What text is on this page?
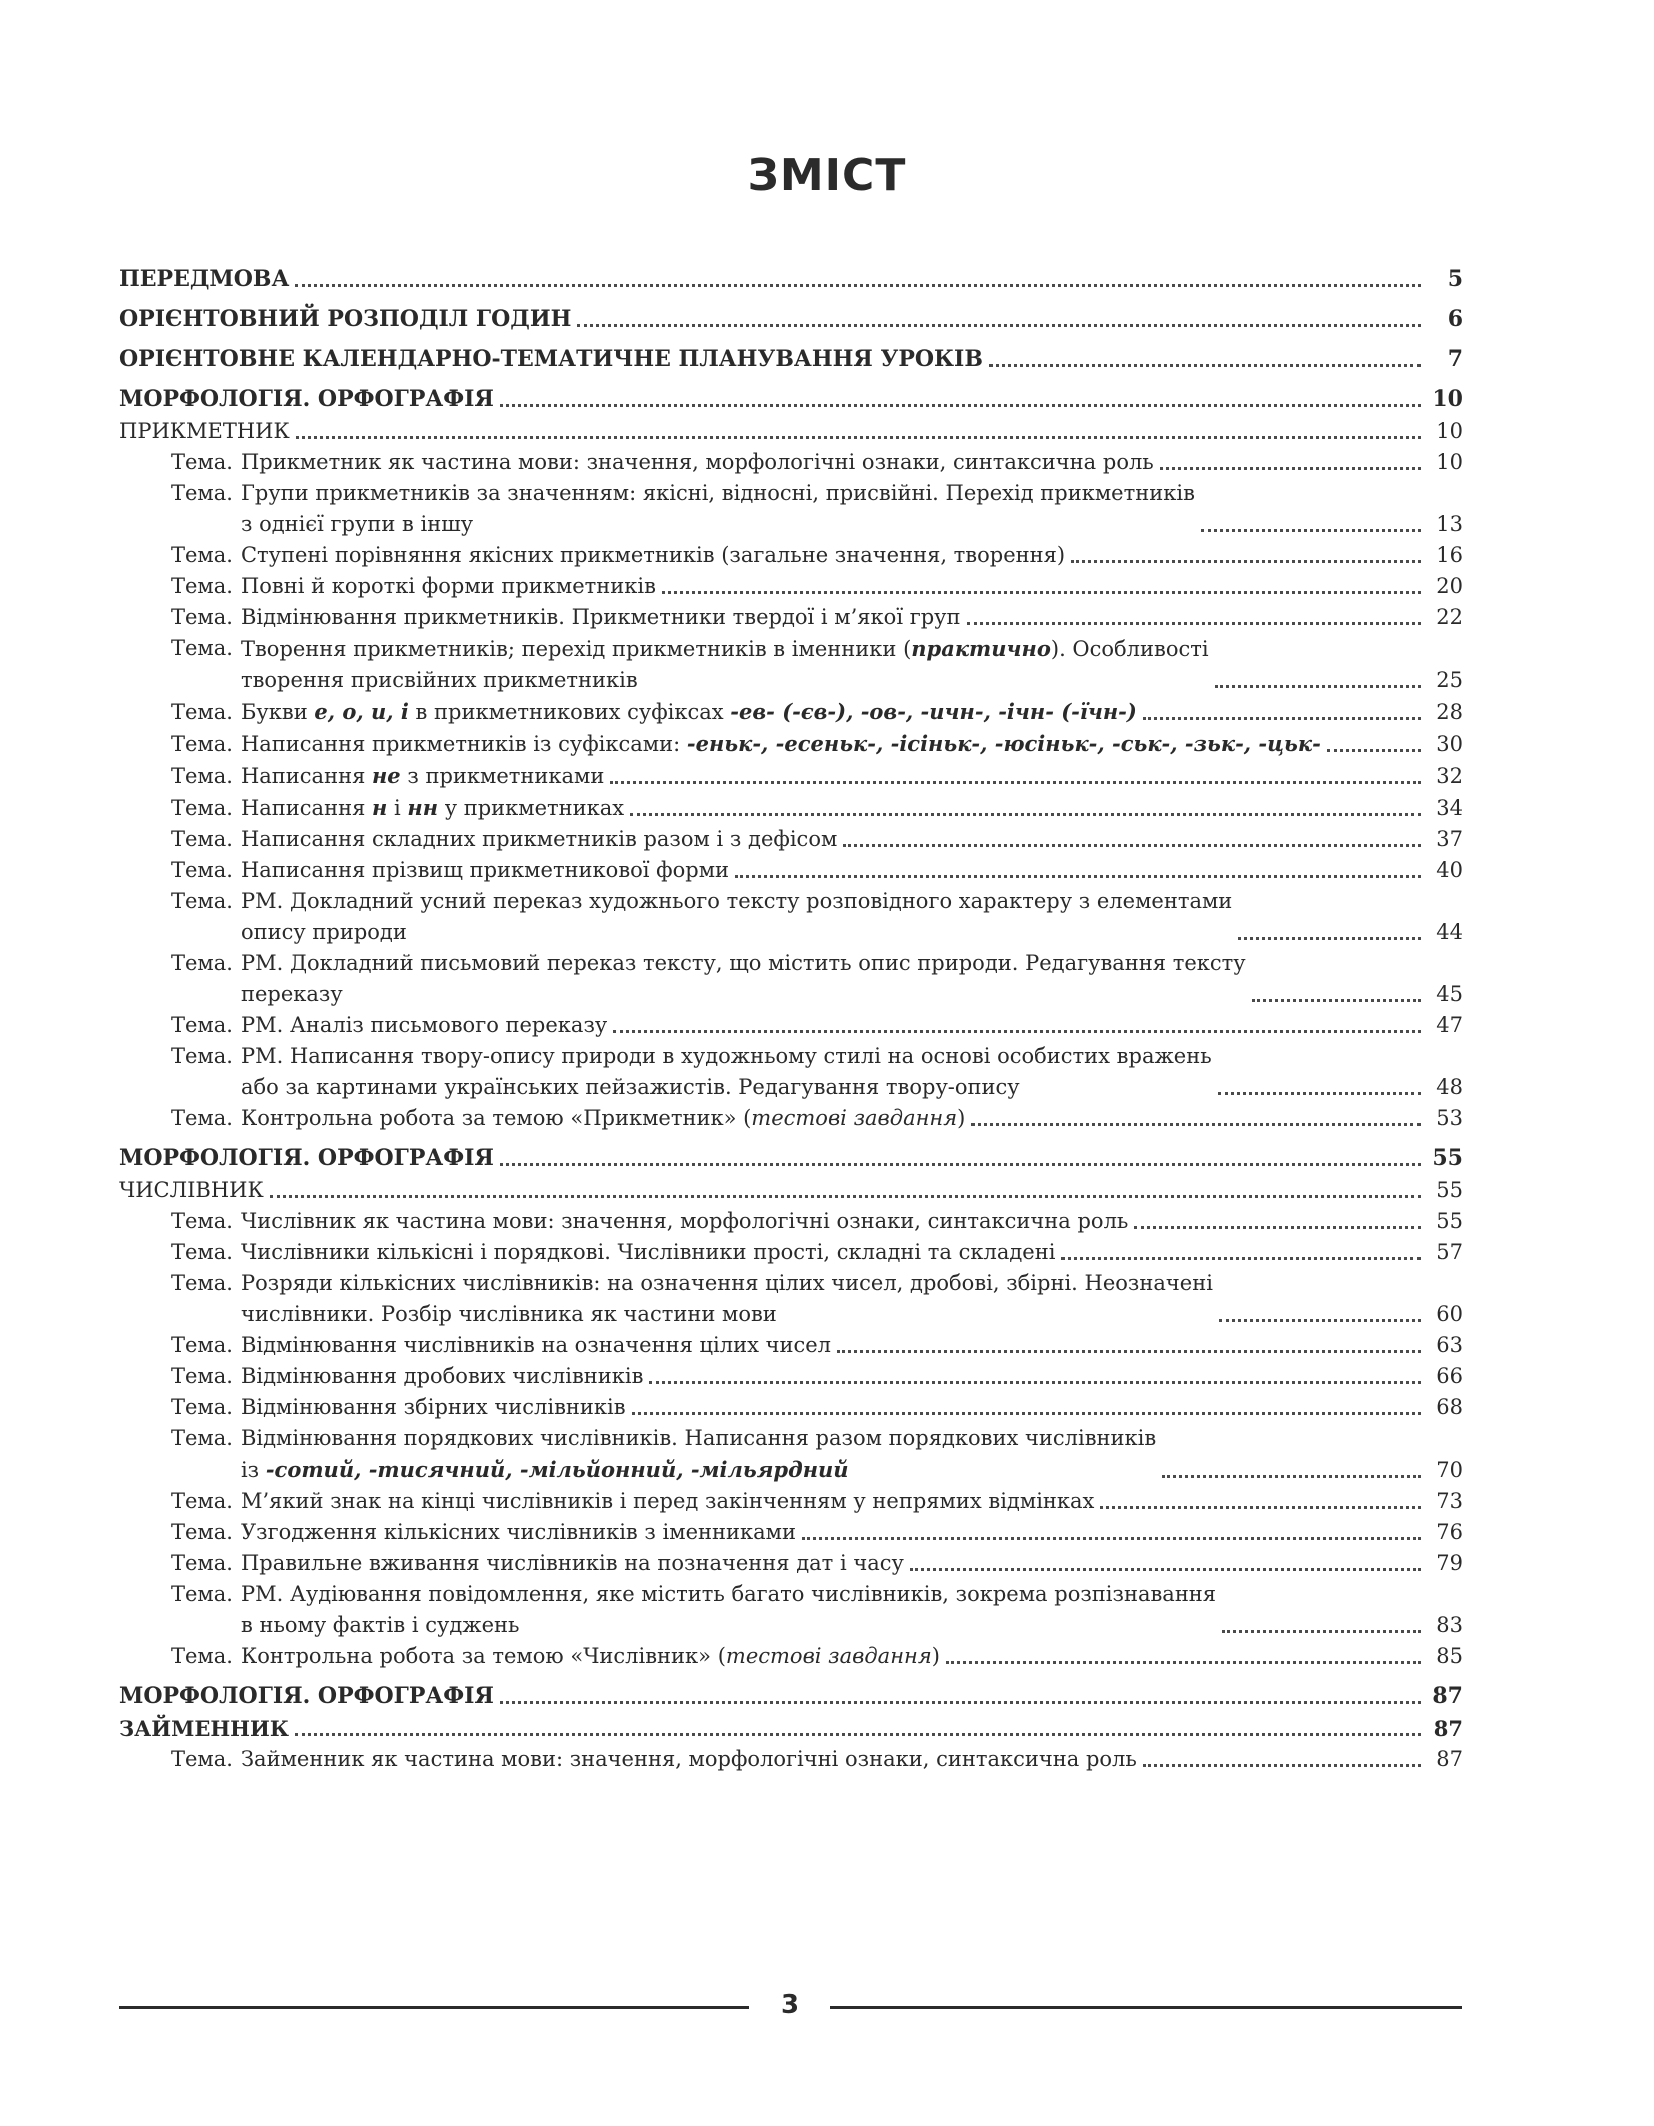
ЗМІСТ
ПЕРЕДМОВА	5
ОРІЄНТОВНИЙ РОЗПОДІЛ ГОДИН	6
ОРІЄНТОВНЕ КАЛЕНДАРНО-ТЕМАТИЧНЕ ПЛАНУВАННЯ УРОКІВ	7
МОРФОЛОГІЯ. ОРФОГРАФІЯ	10
ПРИКМЕТНИК	10
Тема. Прикметник як частина мови: значення, морфологічні ознаки, синтаксична роль	10
Тема. Групи прикметників за значенням: якісні, відносні, присвійні. Перехід прикметників
з однієї групи в іншу	13
Тема. Ступені порівняння якісних прикметників (загальне значення, творення)	16
Тема. Повні й короткі форми прикметників	20
Тема. Відмінювання прикметників. Прикметники твердої і м’якої груп	22
Тема. Творення прикметників; перехід прикметників в іменники (практично). Особливості
творення присвійних прикметників	25
Тема. Букви е, о, и, і в прикметникових суфіксах -ев- (-єв-), -ов-, -ичн-, -ічн- (-їчн-)	28
Тема. Написання прикметників із суфіксами: -еньк-, -есеньк-, -ісіньк-, -юсіньк-, -ськ-, -зьк-, -цьк-	30
Тема. Написання не з прикметниками	32
Тема. Написання н і нн у прикметниках	34
Тема. Написання складних прикметників разом і з дефісом	37
Тема. Написання прізвищ прикметникової форми	40
Тема. РМ. Докладний усний переказ художнього тексту розповідного характеру з елементами
опису природи	44
Тема. РМ. Докладний письмовий переказ тексту, що містить опис природи. Редагування тексту
переказу	45
Тема. РМ. Аналіз письмового переказу	47
Тема. РМ. Написання твору-опису природи в художньому стилі на основі особистих вражень
або за картинами українських пейзажистів. Редагування твору-опису	48
Тема. Контрольна робота за темою «Прикметник» (тестові завдання)	53
МОРФОЛОГІЯ. ОРФОГРАФІЯ	55
ЧИСЛІВНИК	55
Тема. Числівник як частина мови: значення, морфологічні ознаки, синтаксична роль	55
Тема. Числівники кількісні і порядкові. Числівники прості, складні та складені	57
Тема. Розряди кількісних числівників: на означення цілих чисел, дробові, збірні. Неозначені
числівники. Розбір числівника як частини мови	60
Тема. Відмінювання числівників на означення цілих чисел	63
Тема. Відмінювання дробових числівників	66
Тема. Відмінювання збірних числівників	68
Тема. Відмінювання порядкових числівників. Написання разом порядкових числівників
із -сотий, -тисячний, -мільйонний, -мільярдний	70
Тема. М’який знак на кінці числівників і перед закінченням у непрямих відмінках	73
Тема. Узгодження кількісних числівників з іменниками	76
Тема. Правильне вживання числівників на позначення дат і часу	79
Тема. РМ. Аудіювання повідомлення, яке містить багато числівників, зокрема розпізнавання
в ньому фактів і суджень	83
Тема. Контрольна робота за темою «Числівник» (тестові завдання)	85
МОРФОЛОГІЯ. ОРФОГРАФІЯ	87
ЗАЙМЕННИК	87
Тема. Займенник як частина мови: значення, морфологічні ознаки, синтаксична роль	87
3
